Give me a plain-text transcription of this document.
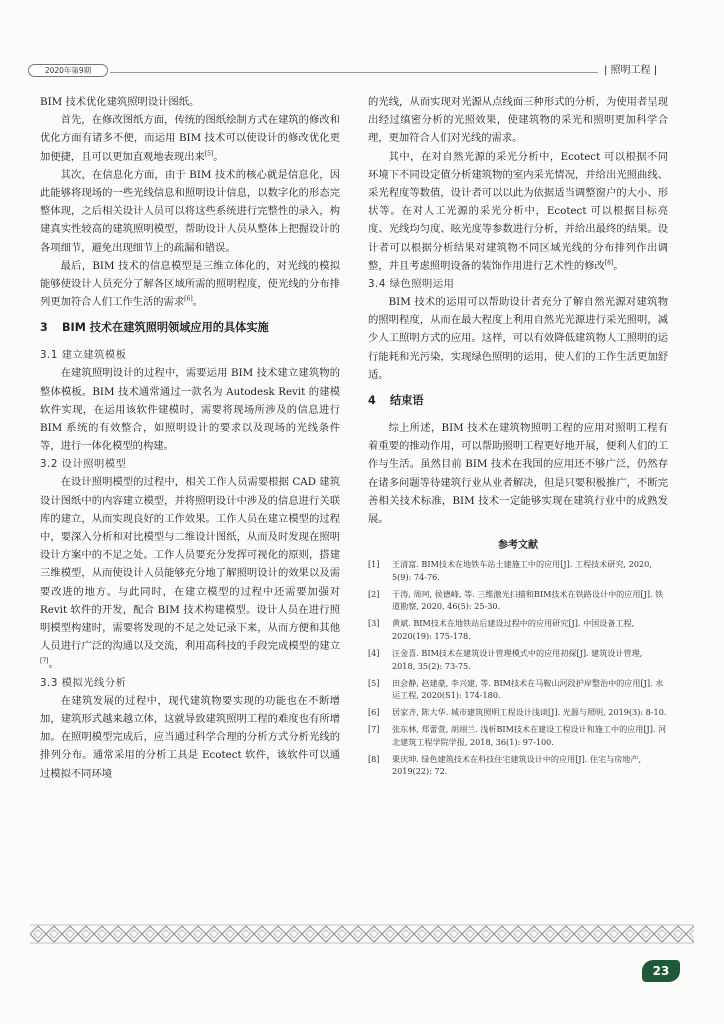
2020年第9期	| 照明工程 |

BIM 技术优化建筑照明设计图纸。

首先，在修改图纸方面，传统的图纸绘制方式在建筑的修改和优化方面有诸多不便，而运用 BIM 技术可以使设计的修改优化更加便捷，且可以更加直观地表现出来[5]。

其次，在信息化方面，由于 BIM 技术的核心就是信息化，因此能够将现场的一些光线信息和照明设计信息，以数字化的形态完整体现，之后相关设计人员可以将这些系统进行完整性的录入，构建真实性较高的建筑照明模型，帮助设计人员从整体上把握设计的各项细节，避免出现细节上的疏漏和错误。

最后，BIM 技术的信息模型是三维立体化的，对光线的模拟能够使设计人员充分了解各区域所需的照明程度，使光线的分布排列更加符合人们工作生活的需求[6]。

3 BIM 技术在建筑照明领域应用的具体实施
3.1 建立建筑模板

在建筑照明设计的过程中，需要运用 BIM 技术建立建筑物的整体模板。BIM 技术通常通过一款名为 Autodesk Revit 的建模软件实现，在运用该软件建模时，需要将现场所涉及的信息进行 BIM 系统的有效整合，如照明设计的要求以及现场的光线条件等，进行一体化模型的构建。

3.2 设计照明模型

在设计照明模型的过程中，相关工作人员需要根据 CAD 建筑设计图纸中的内容建立模型，并将照明设计中涉及的信息进行关联库的建立，从而实现良好的工作效果。工作人员在建立模型的过程中，要深入分析和对比模型与二维设计图纸，从而及时发现在照明设计方案中的不足之处。工作人员要充分发挥可视化的原则，搭建三维模型，从而使设计人员能够充分地了解照明设计的效果以及需要改进的地方。与此同时，在建立模型的过程中还需要加强对 Revit 软件的开发，配合 BIM 技术构建模型。设计人员在进行照明模型构建时，需要将发现的不足之处记录下来，从而方便和其他人员进行广泛的沟通以及交流，利用高科技的手段完成模型的建立[7]。

3.3 模拟光线分析

在建筑发展的过程中，现代建筑物要实现的功能也在不断增加，建筑形式越来越立体，这就导致建筑照明工程的难度也有所增加。在照明模型完成后，应当通过科学合理的分析方式分析光线的排列分布。通常采用的分析工具是 Ecotect 软件，该软件可以通过模拟不同环境

的光线，从而实现对光源从点线面三种形式的分析，为使用者呈现出经过缜密分析的光照效果，使建筑物的采光和照明更加科学合理，更加符合人们对光线的需求。

其中，在对自然光源的采光分析中，Ecotect 可以根据不同环境下不同设定值分析建筑物的室内采光情况，并给出光照曲线、采光程度等数值，设计者可以以此为依据适当调整窗户的大小、形状等。在对人工光源的采光分析中，Ecotect 可以根据目标亮度、光线均匀度、眩光度等参数进行分析，并给出最终的结果。设计者可以根据分析结果对建筑物不同区域光线的分布排列作出调整，并且考虑照明设备的装饰作用进行艺术性的修改[8]。

3.4 绿色照明运用

BIM 技术的运用可以帮助设计者充分了解自然光源对建筑物的照明程度，从而在最大程度上利用自然光光源进行采光照明，减少人工照明方式的应用。这样，可以有效降低建筑物人工照明的运行能耗和光污染，实现绿色照明的运用，使人们的工作生活更加舒适。

4 结束语

综上所述，BIM 技术在建筑物照明工程的应用对照明工程有着重要的推动作用，可以帮助照明工程更好地开展，便利人们的工作与生活。虽然目前 BIM 技术在我国的应用还不够广泛，仍然存在诸多问题等待建筑行业从业者解决，但是只要积极推广，不断完善相关技术标准，BIM 技术一定能够实现在建筑行业中的成熟发展。

参考文献
[1]	王清富. BIM技术在地铁车站土建施工中的应用[J]. 工程技术研究, 2020, 5(9): 74-76.
[2]	于涛, 周珂, 侯德峰, 等. 三维激光扫描和BIM技术在铁路设计中的应用[J]. 铁道勘察, 2020, 46(5): 25-30.
[3]	黄斌. BIM技术在地铁站后建设过程中的应用研究[J]. 中国设备工程, 2020(19): 175-178.
[4]	汪金喜. BIM技术在建筑设计管理模式中的应用初探[J]. 建筑设计管理, 2018, 35(2): 73-75.
[5]	田会静, 赵建豪, 李兴建, 等. BIM技术在马鞍山河段护岸整治中的应用[J]. 水运工程, 2020(S1): 174-180.
[6]	居家齐, 陈大华. 城市建筑照明工程设计浅谈[J]. 光源与照明, 2019(3): 8-10.
[7]	张东林, 郑蕾萱, 胡翊兰. 浅析BIM技术在建设工程设计和施工中的应用[J]. 河北建筑工程学院学报, 2018, 36(1): 97-100.
[8]	栗庆坤. 绿色建筑技术在科技住宅建筑设计中的应用[J]. 住宅与房地产, 2019(22): 72.
23
